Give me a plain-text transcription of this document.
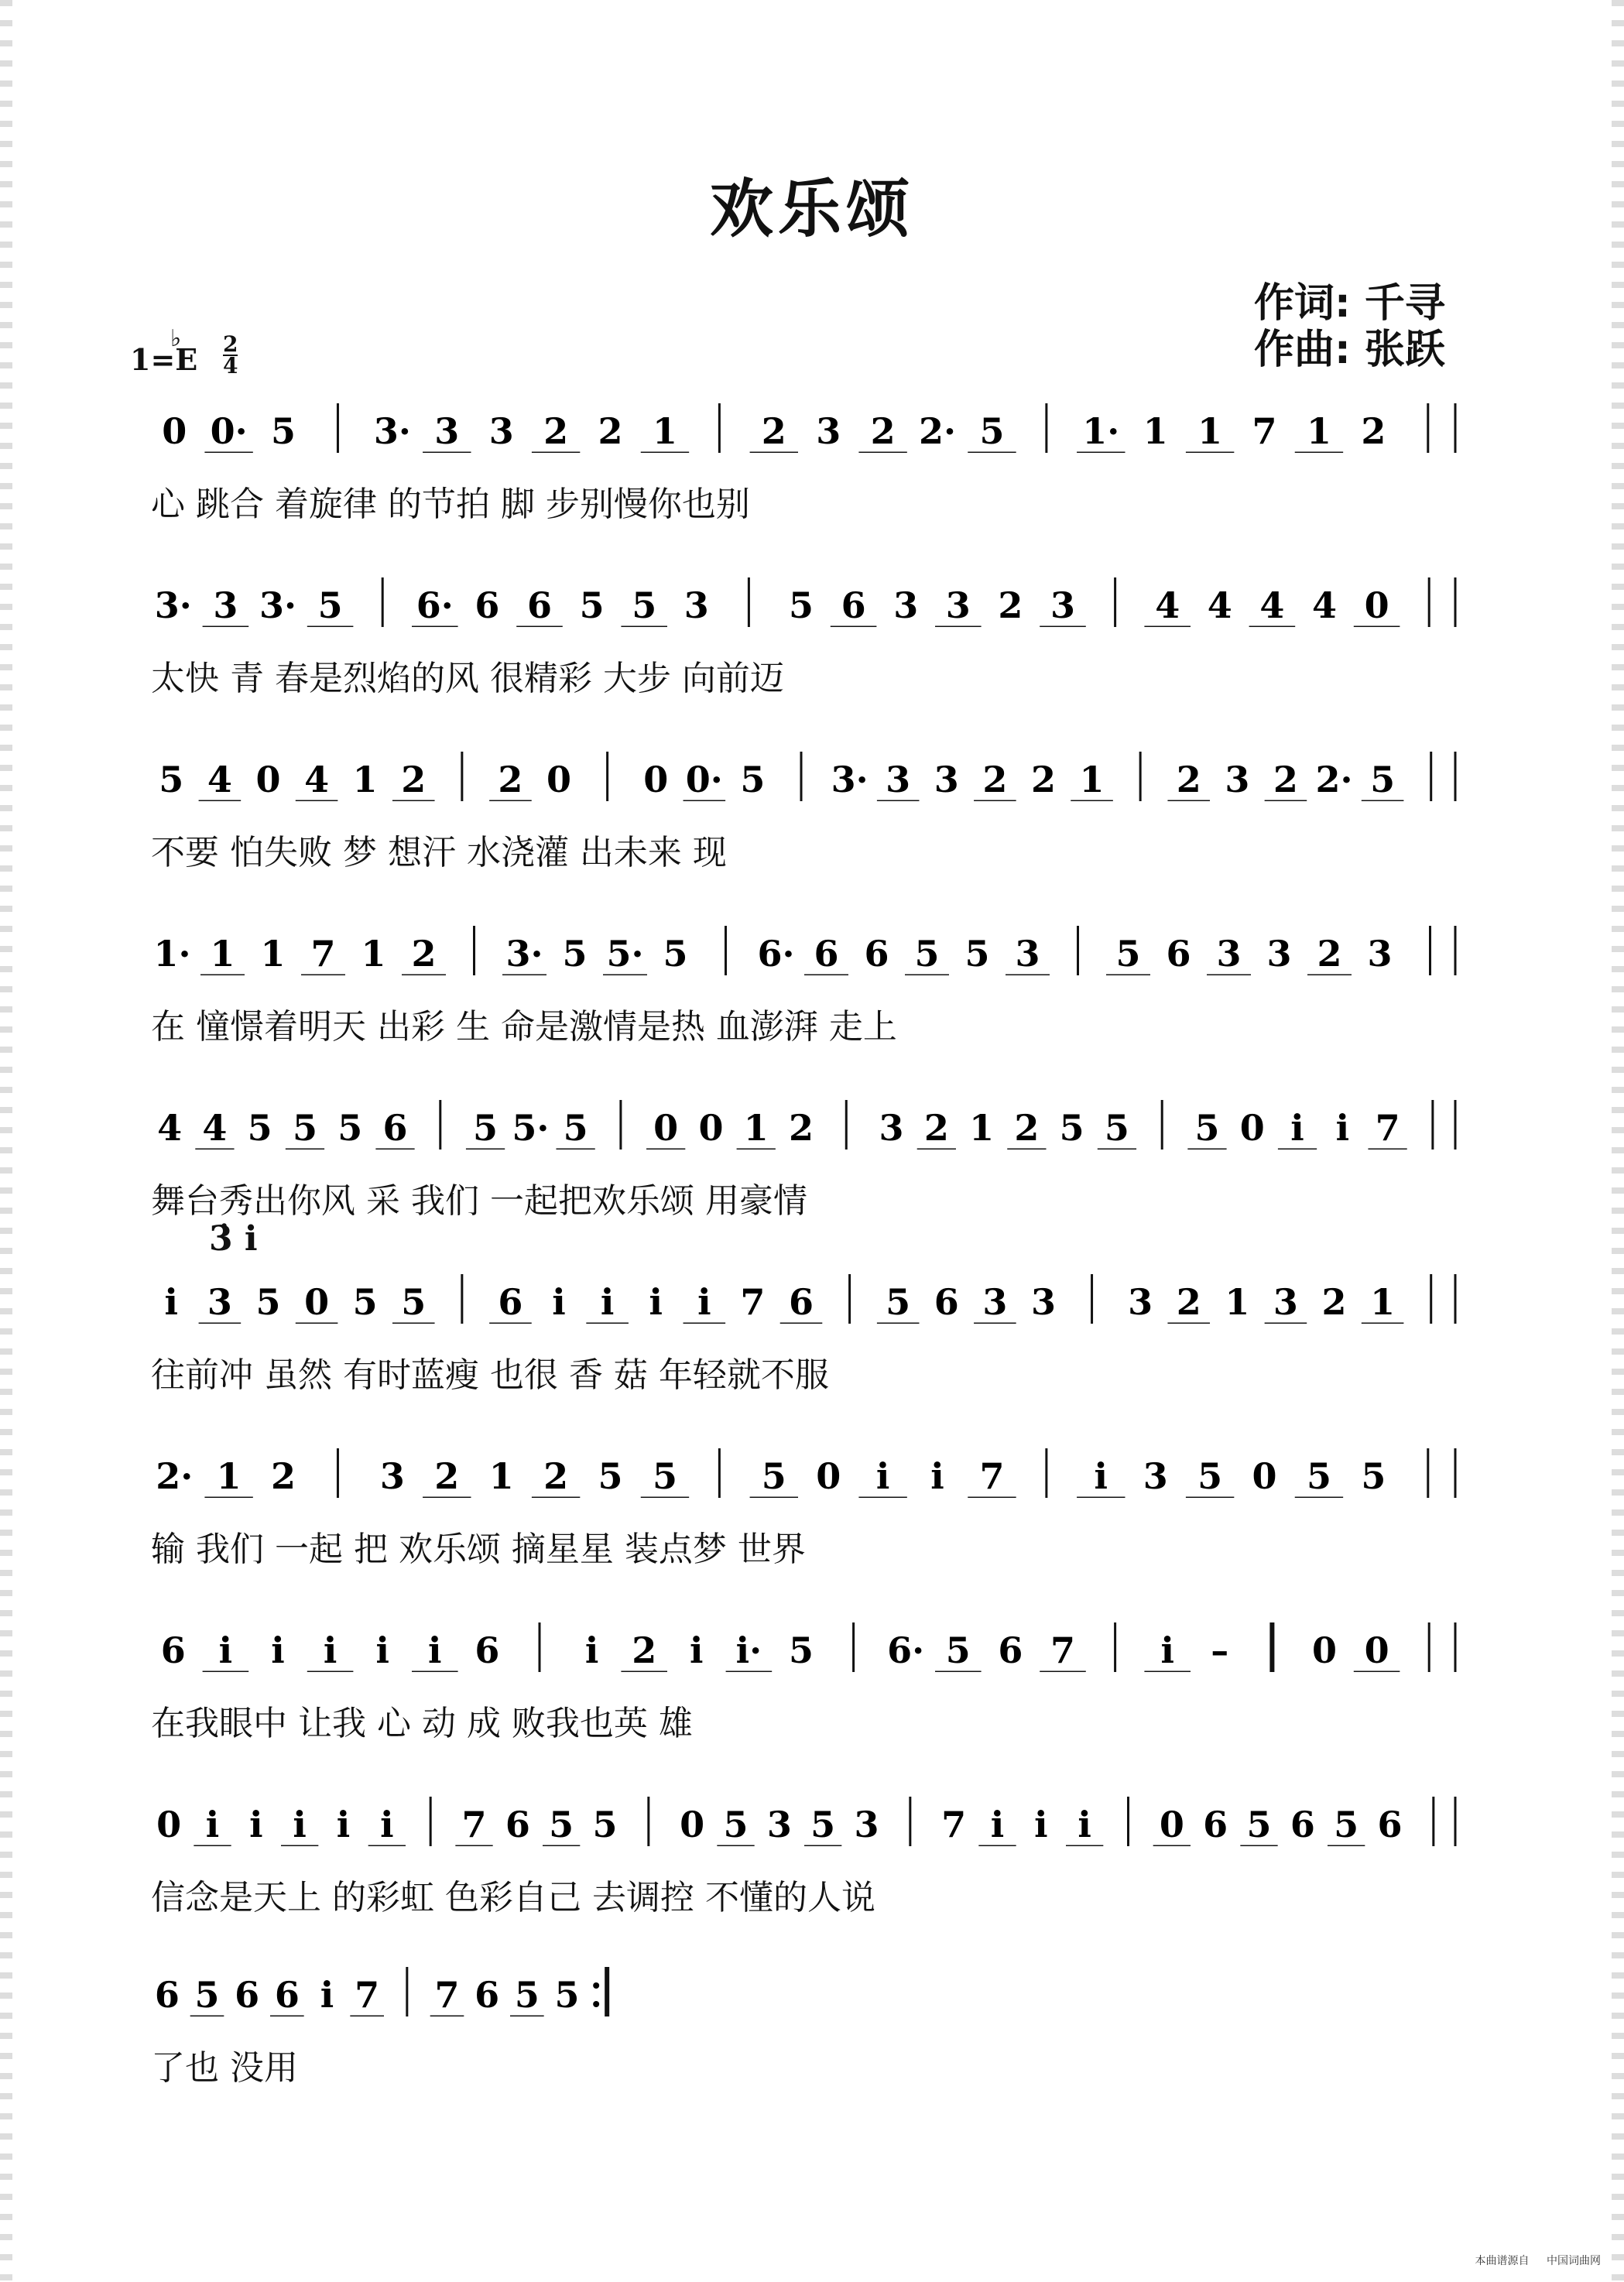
欢乐颂
作词: 千寻
作曲: 张跃
1=E
♭ 2
4
0 0· 5 3· 3 3 2 2 1 2 3 2 2· 5 1· 1 1 7 1 2
心 跳合 着旋律 的节拍 脚 步别慢你也别
3· 3 3· 5 6· 6 6 5 5 3 5 6 3 3 2 3 4 4 4 4 0
太快 青 春是烈焰的风 很精彩 大步 向前迈
5 4 0 4 1 2 2 0 0 0· 5 3· 3 3 2 2 1 2 3 2 2· 5
不要 怕失败 梦 想汗 水浇灌 出未来 现
1· 1 1 7 1 2 3· 5 5· 5 6· 6 6 5 5 3 5 6 3 3 2 3
在 憧憬着明天 出彩 生 命是激情是热 血澎湃 走上
4 4 5 5 5 6 5 5· 5 0 0 1 2 3 2 1 2 5 5 5 0 i i 7
舞台秀出你风 采 我们 一起把欢乐颂 用豪情
i 3 5 0 5 5 6 i i i i 7 6 5 6 3 3 3 2 1 3 2 1
3̇ i
往前冲 虽然 有时蓝瘦 也很 香 菇 年轻就不服
2· 1 2 3 2 1 2 5 5 5 0 i i 7	i 3 5 0 5 5
输 我们 一起 把 欢乐颂 摘星星 装点梦 世界
6 i i i i i 6 i 2 i i· 5 6· 5 6 7 i – 0 0
在我眼中 让我 心 动 成 败我也英 雄
0 i i i i i 7 6 5 5 0 5 3 5 3 7 i i i 0 6 5 6 5 6
信念是天上 的彩虹 色彩自己 去调控 不懂的人说
6 5 6 6 i 7 7 6 5 5
了也 没用
本曲谱源自 中国词曲网
